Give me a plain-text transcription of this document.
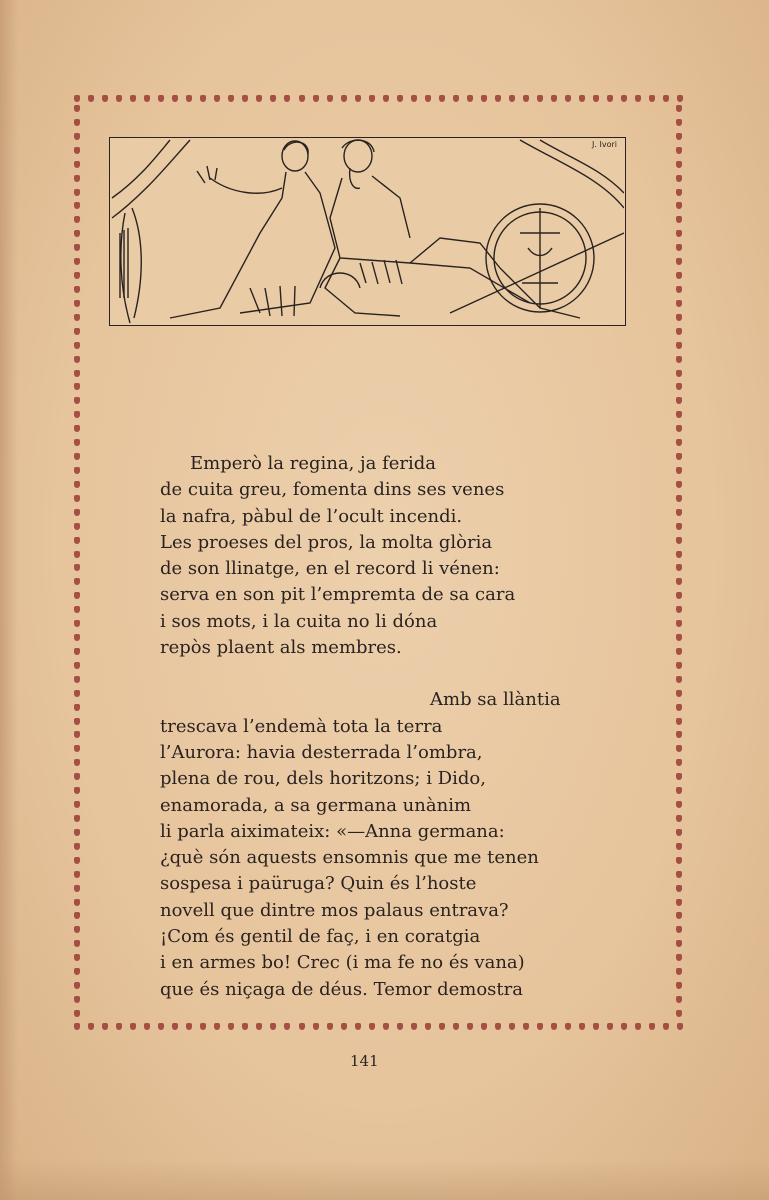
J. Ivori
Emperò la regina, ja ferida
de cuita greu, fomenta dins ses venes
la nafra, pàbul de l’ocult incendi.
Les proeses del pros, la molta glòria
de son llinatge, en el record li vénen:
serva en son pit l’empremta de sa cara
i sos mots, i la cuita no li dóna
repòs plaent als membres.
Amb sa llàntia
trescava l’endemà tota la terra
l’Aurora: havia desterrada l’ombra,
plena de rou, dels horitzons; i Dido,
enamorada, a sa germana unànim
li parla aiximateix: «—Anna germana:
¿què són aquests ensomnis que me tenen
sospesa i paüruga? Quin és l’hoste
novell que dintre mos palaus entrava?
¡Com és gentil de faç, i en coratgia
i en armes bo! Crec (i ma fe no és vana)
que és niçaga de déus. Temor demostra
141
